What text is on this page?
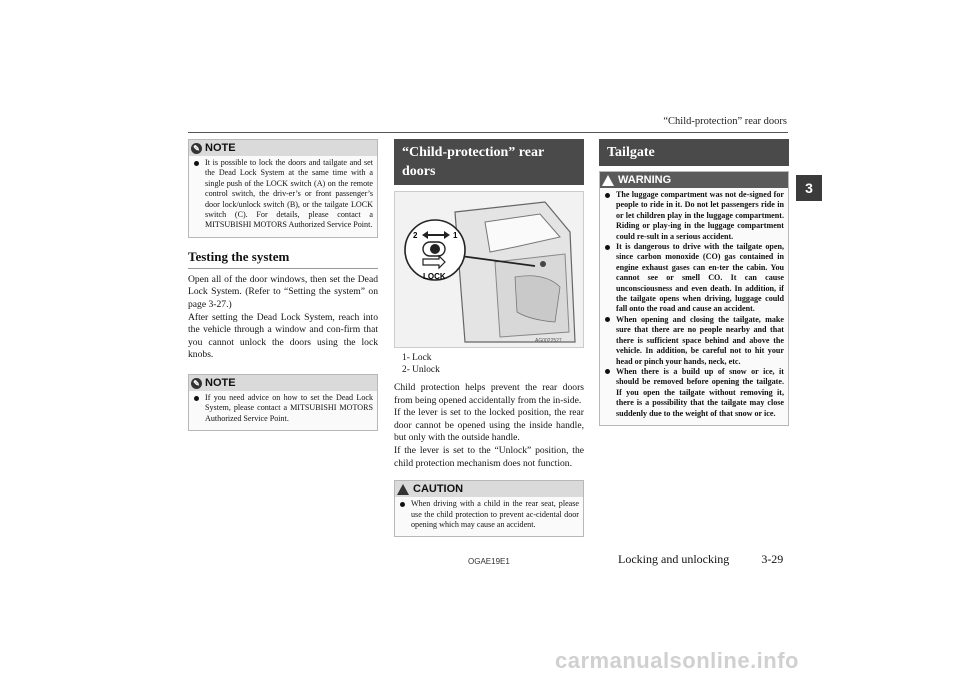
“Child-protection” rear doors
3
✎ NOTE
It is possible to lock the doors and tailgate and set the Dead Lock System at the same time with a single push of the LOCK switch (A) on the remote control switch, the driv-er’s or front passenger’s door lock/unlock switch (B), or the tailgate LOCK switch (C). For details, please contact a MITSUBISHI MOTORS Authorized Service Point.
Testing the system
Open all of the door windows, then set the Dead Lock System. (Refer to “Setting the system” on page 3-27.)
After setting the Dead Lock System, reach into the vehicle through a window and con-firm that you cannot unlock the doors using the lock knobs.
✎ NOTE
If you need advice on how to set the Dead Lock System, please contact a MITSUBISHI MOTORS Authorized Service Point.
“Child-protection” rear doors
2	1
LOCK
AG0022527
1- Lock
2- Unlock
Child protection helps prevent the rear doors from being opened accidentally from the in-side.
If the lever is set to the locked position, the rear door cannot be opened using the inside handle, but only with the outside handle.
If the lever is set to the “Unlock” position, the child protection mechanism does not function.
CAUTION
When driving with a child in the rear seat, please use the child protection to prevent ac-cidental door opening which may cause an accident.
Tailgate
WARNING
The luggage compartment was not de-signed for people to ride in it. Do not let passengers ride in or let children play in the luggage compartment. Riding or play-ing in the luggage compartment could re-sult in a serious accident.
It is dangerous to drive with the tailgate open, since carbon monoxide (CO) gas contained in engine exhaust gases can en-ter the cabin. You cannot see or smell CO. It can cause unconsciousness and even death. In addition, if the tailgate opens when driving, luggage could fall onto the road and cause an accident.
When opening and closing the tailgate, make sure that there are no people nearby and that there is sufficient space behind and above the vehicle. In addition, be careful not to hit your head or pinch your hands, neck, etc.
When there is a build up of snow or ice, it should be removed before opening the tailgate. If you open the tailgate without removing it, there is a possibility that the tailgate may close suddenly due to the weight of that snow or ice.
OGAE19E1	Locking and unlocking	3-29
carmanualsonline.info
